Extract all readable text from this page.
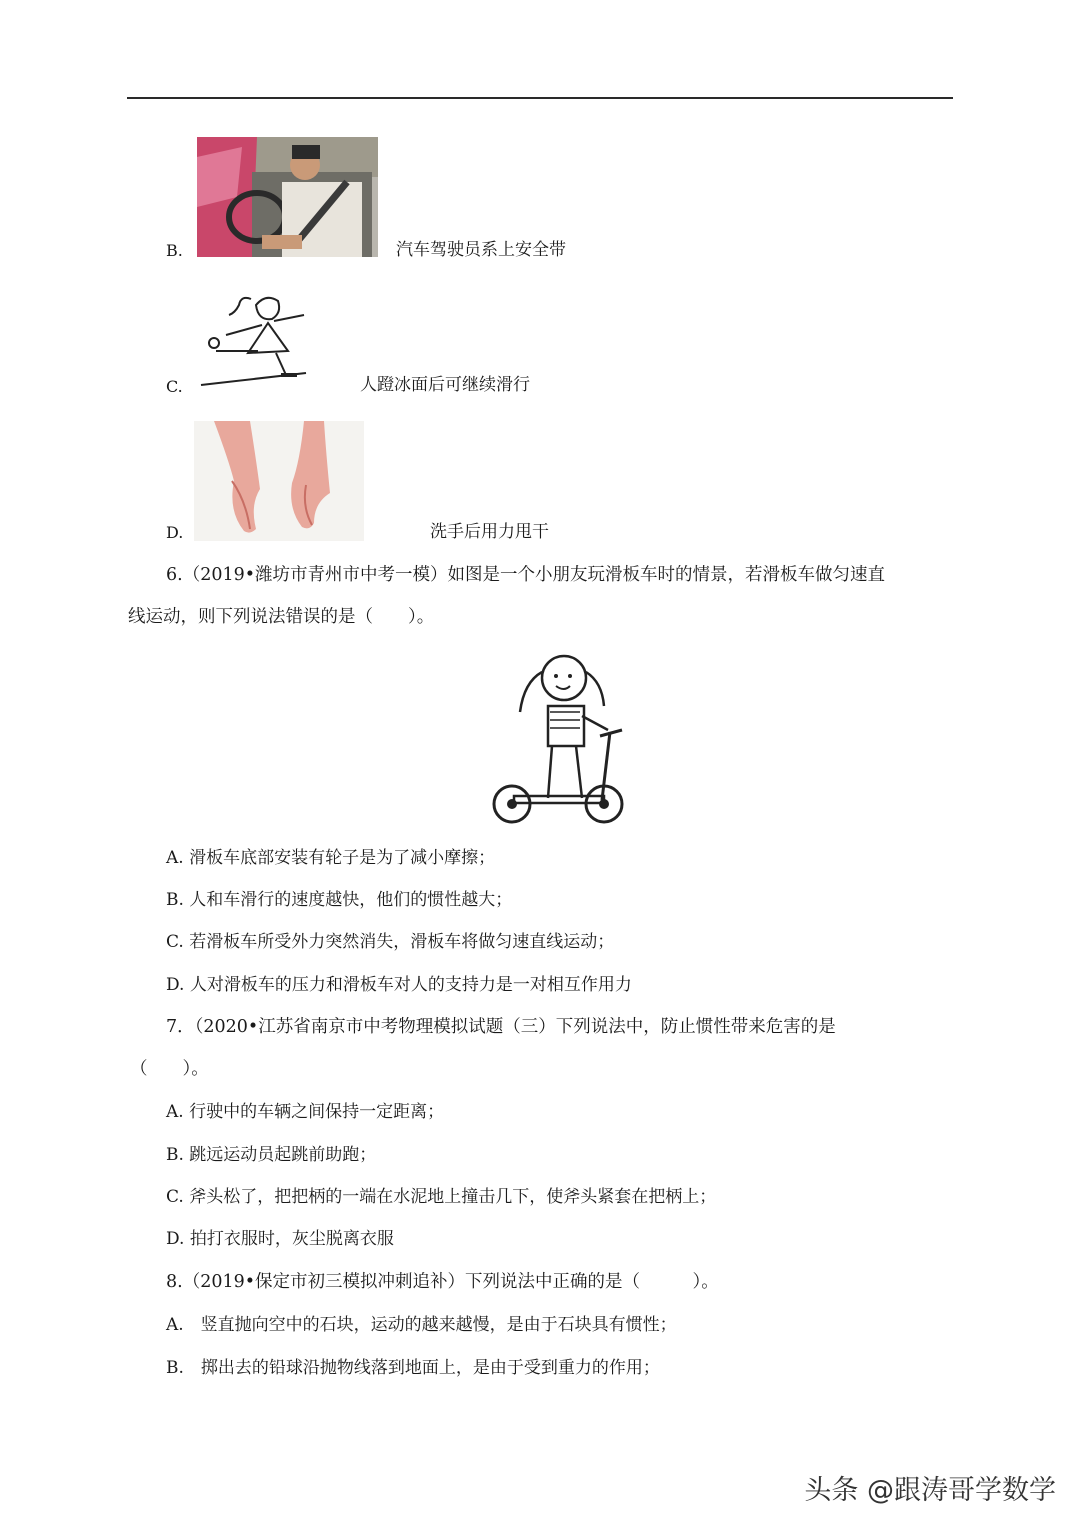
B.	汽车驾驶员系上安全带
C.	人蹬冰面后可继续滑行
D.	洗手后用力甩干
6.（2019•潍坊市青州市中考一模）如图是一个小朋友玩滑板车时的情景，若滑板车做匀速直
线运动，则下列说法错误的是（　　）。
A. 滑板车底部安装有轮子是为了减小摩擦；
B. 人和车滑行的速度越快，他们的惯性越大；
C. 若滑板车所受外力突然消失，滑板车将做匀速直线运动；
D. 人对滑板车的压力和滑板车对人的支持力是一对相互作用力
7．（2020•江苏省南京市中考物理模拟试题（三）下列说法中，防止惯性带来危害的是
（　　）。
A. 行驶中的车辆之间保持一定距离；
B. 跳远运动员起跳前助跑；
C. 斧头松了，把把柄的一端在水泥地上撞击几下，使斧头紧套在把柄上；
D. 拍打衣服时，灰尘脱离衣服
8.（2019•保定市初三模拟冲刺追补）下列说法中正确的是（　　　）。
A.　竖直抛向空中的石块，运动的越来越慢，是由于石块具有惯性；
B.　掷出去的铅球沿抛物线落到地面上，是由于受到重力的作用；
头条 @跟涛哥学数学
